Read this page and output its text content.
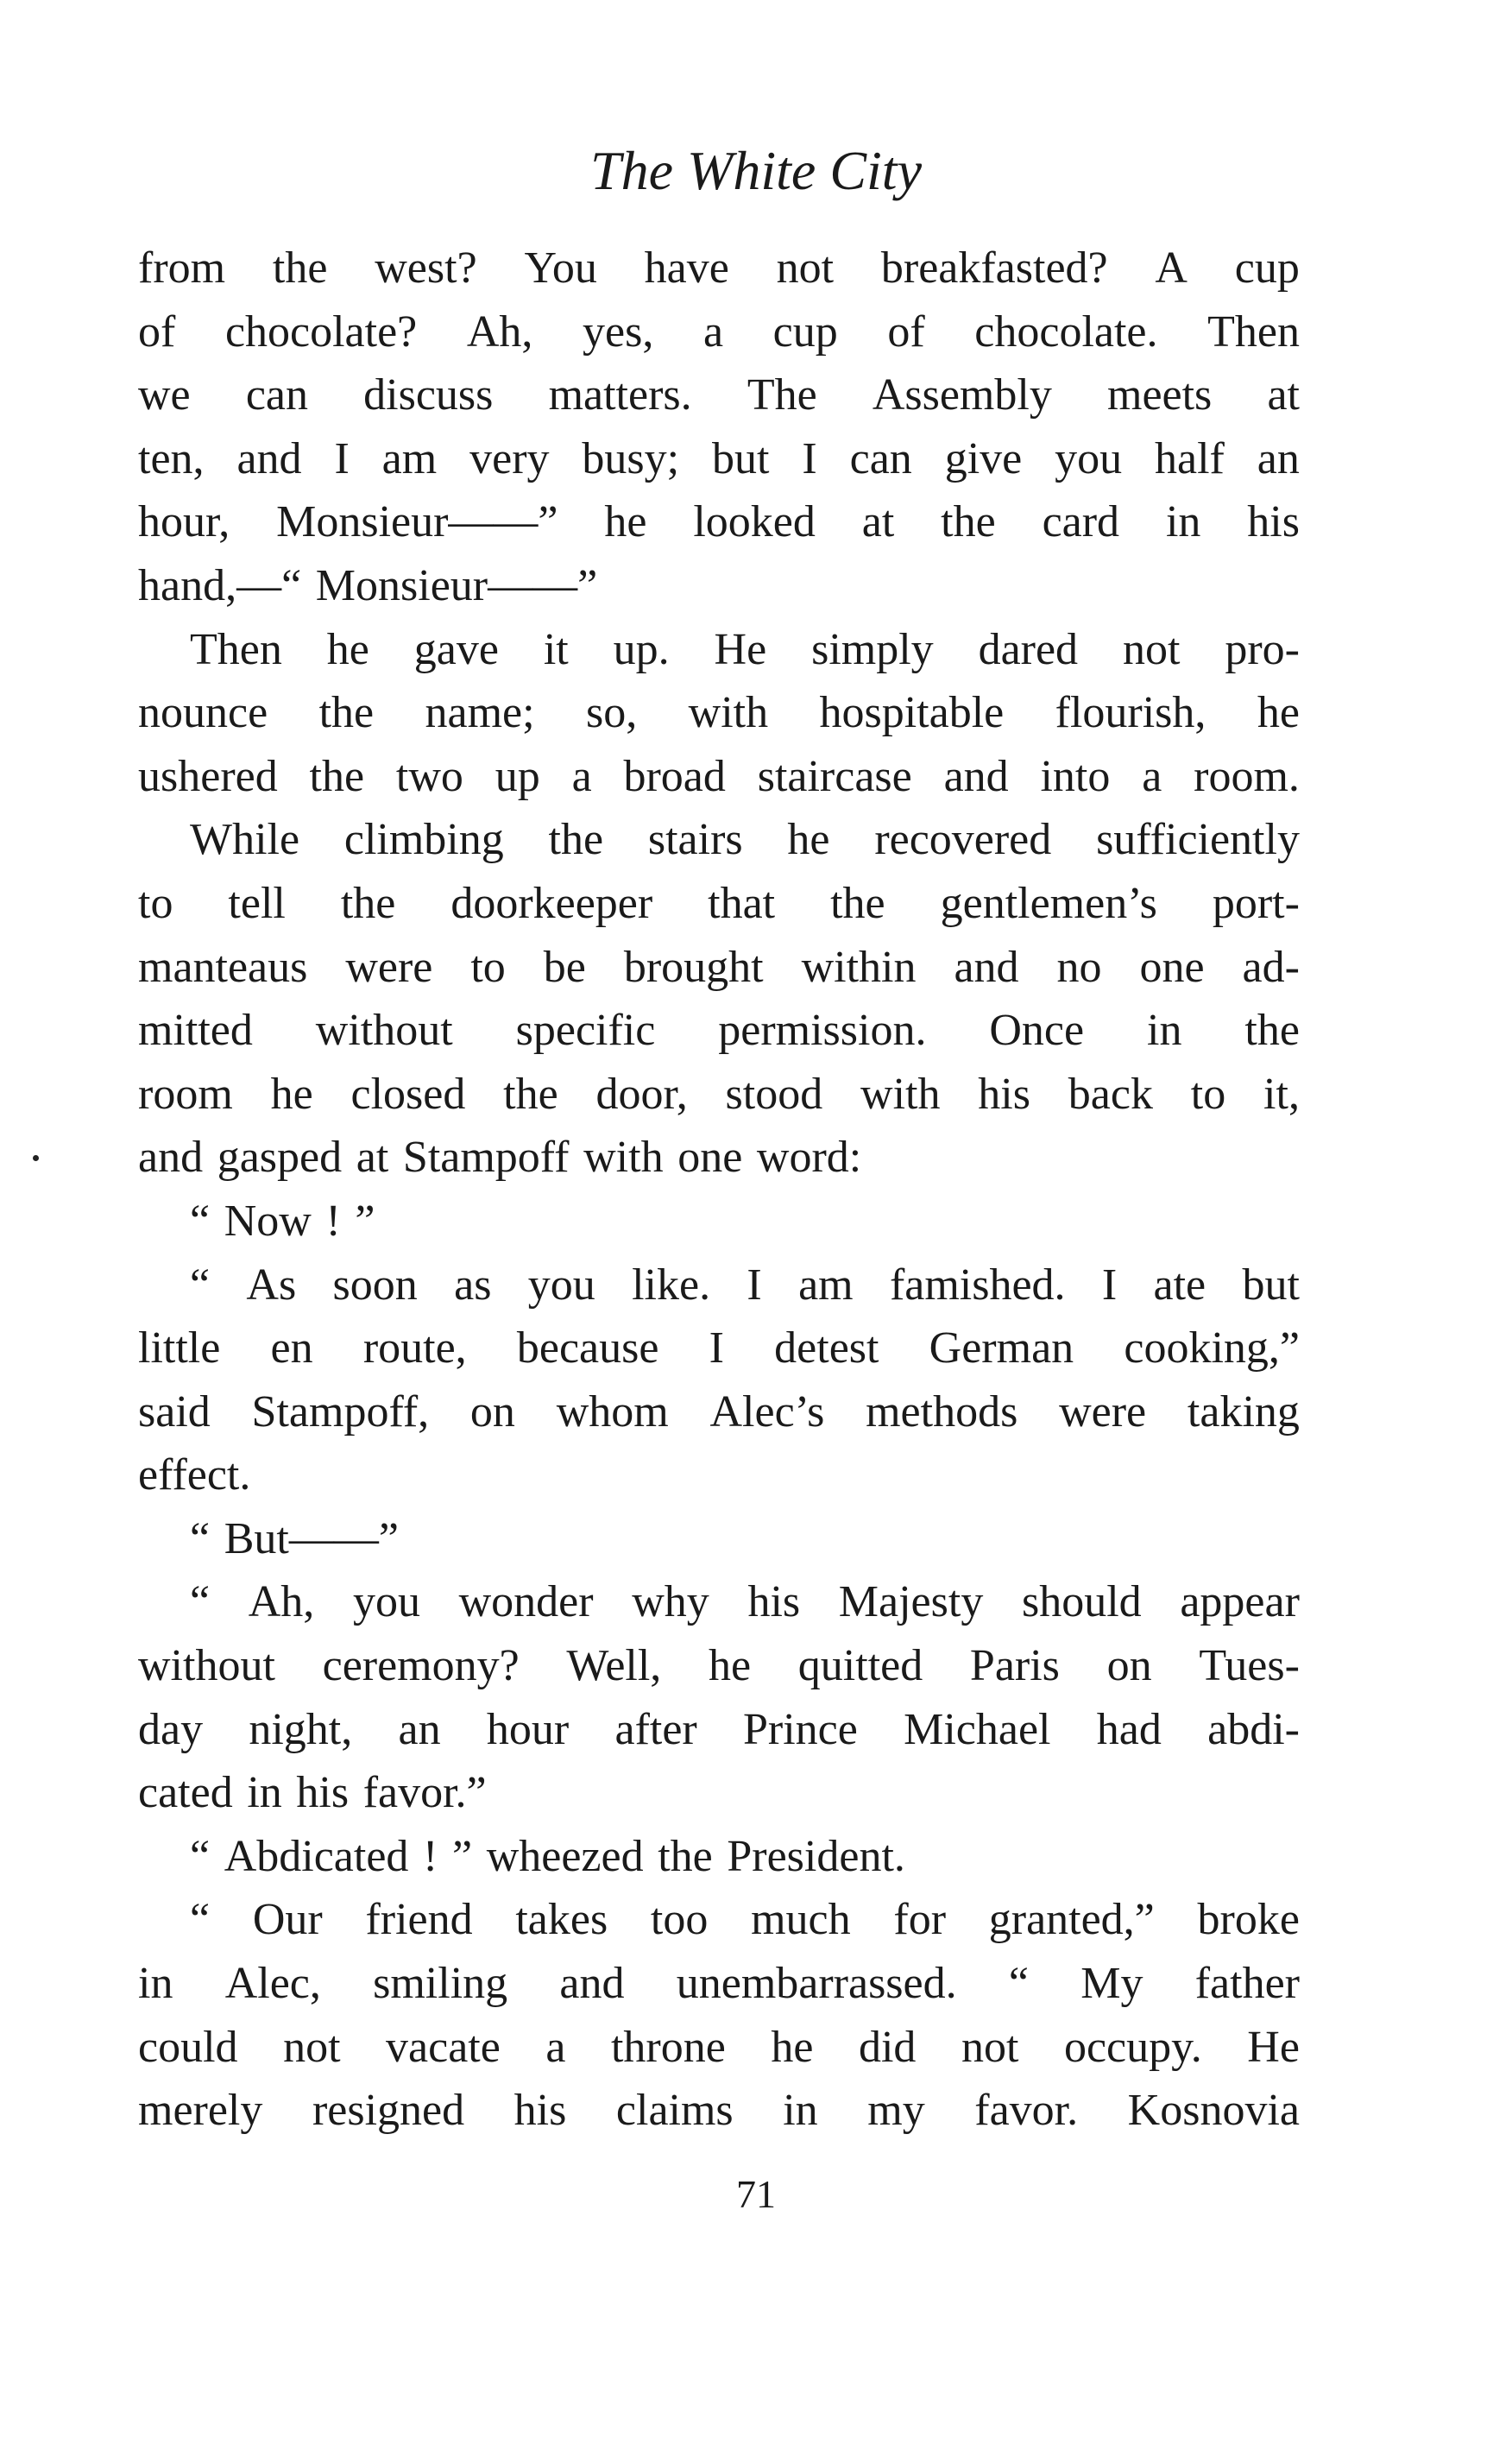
The White City
from the west? You have not breakfasted? A cup
of chocolate? Ah, yes, a cup of chocolate. Then
we can discuss matters. The Assembly meets at
ten, and I am very busy; but I can give you half an
hour, Monsieur——” he looked at the card in his
hand,—“ Monsieur——”
Then he gave it up. He simply dared not pro-
nounce the name; so, with hospitable flourish, he
ushered the two up a broad staircase and into a room.
While climbing the stairs he recovered sufficiently
to tell the doorkeeper that the gentlemen’s port-
manteaus were to be brought within and no one ad-
mitted without specific permission. Once in the
room he closed the door, stood with his back to it,
and gasped at Stampoff with one word:
“ Now ! ”
“ As soon as you like. I am famished. I ate but
little en route, because I detest German cooking,”
said Stampoff, on whom Alec’s methods were taking
effect.
“ But——”
“ Ah, you wonder why his Majesty should appear
without ceremony? Well, he quitted Paris on Tues-
day night, an hour after Prince Michael had abdi-
cated in his favor.”
“ Abdicated ! ” wheezed the President.
“ Our friend takes too much for granted,” broke
in Alec, smiling and unembarrassed. “ My father
could not vacate a throne he did not occupy. He
merely resigned his claims in my favor. Kosnovia
71
